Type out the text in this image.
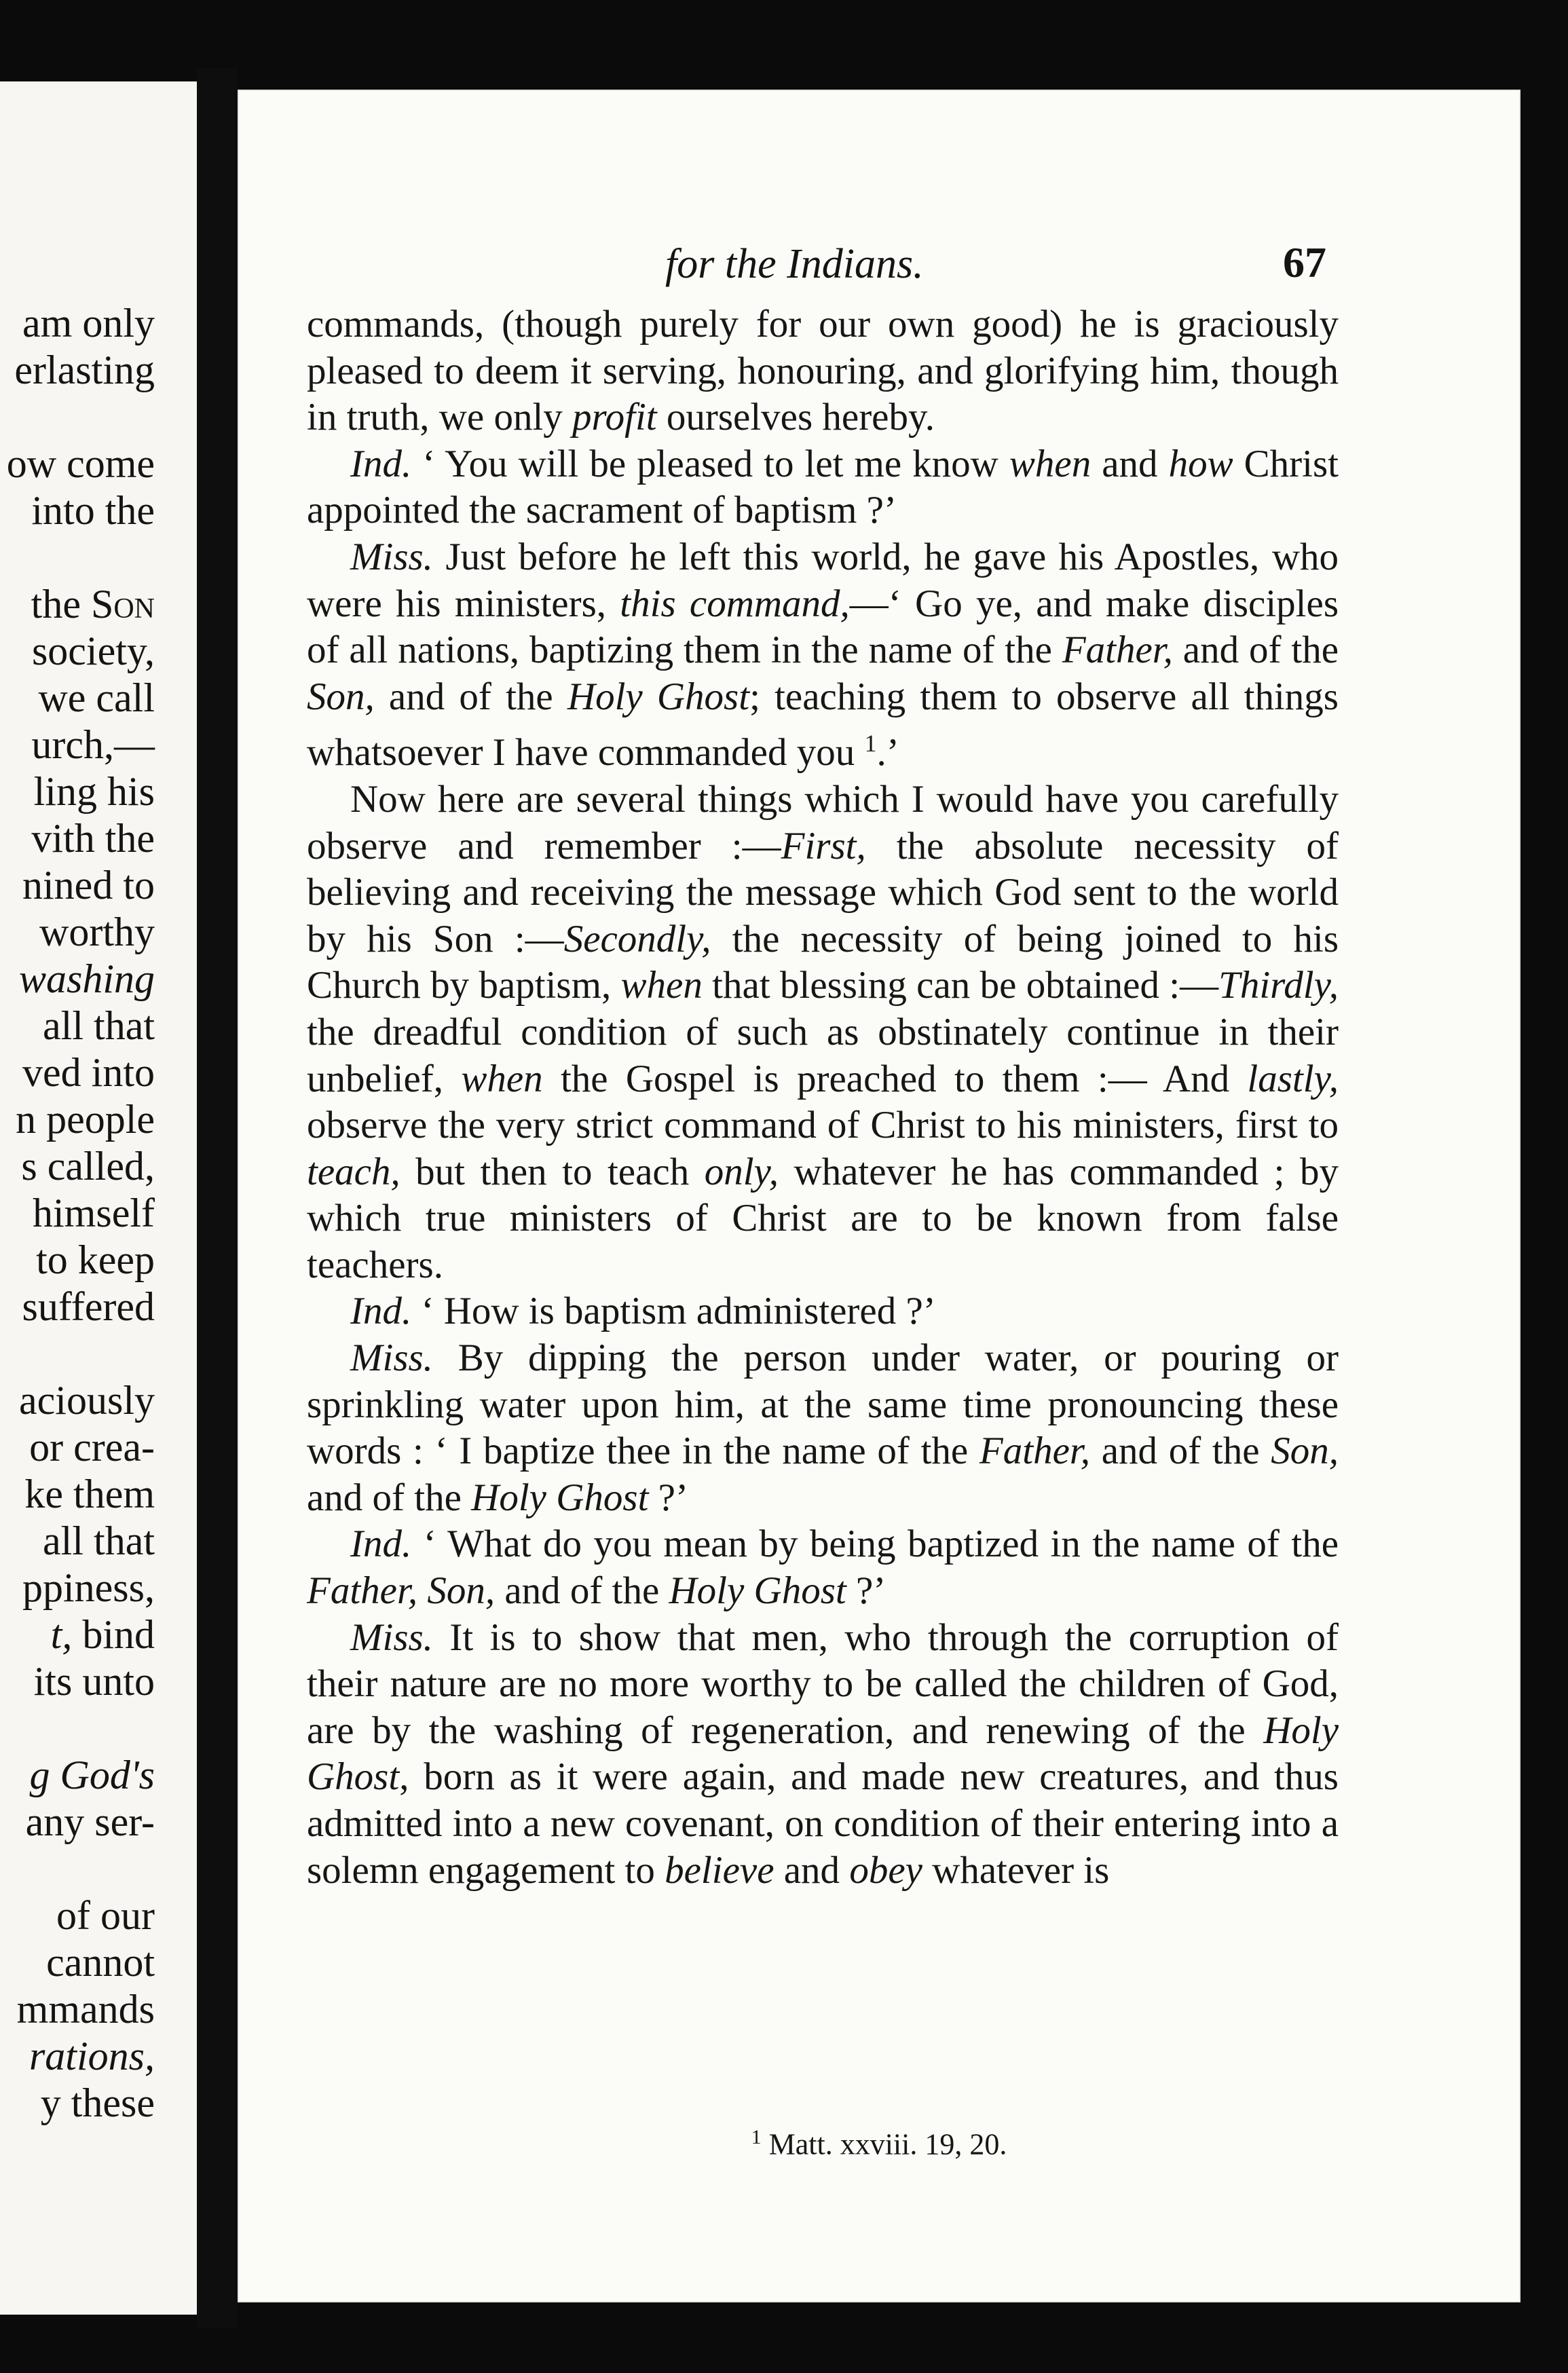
am only
erlasting
ow come
into the
the Son
society,
we call
urch,—
ling his
vith the
nined to
worthy
washing
all that
ved into
n people
s called,
himself
to keep
suffered
aciously
or crea-
ke them
all that
ppiness,
t, bind
its unto
g God's
any ser-
of our
cannot
mmands
rations,
y these
for the Indians.	67

commands, (though purely for our own good) he is graciously pleased to deem it serving, honouring, and glorifying him, though in truth, we only profit ourselves hereby.

Ind. ‘ You will be pleased to let me know when and how Christ appointed the sacrament of baptism ?’

Miss. Just before he left this world, he gave his Apostles, who were his ministers, this command,—‘ Go ye, and make disciples of all nations, baptizing them in the name of the Father, and of the Son, and of the Holy Ghost; teaching them to observe all things whatsoever I have commanded you $^1$.’

Now here are several things which I would have you carefully observe and remember :—First, the absolute necessity of believing and receiving the message which God sent to the world by his Son :—Secondly, the necessity of being joined to his Church by baptism, when that blessing can be obtained :—Thirdly, the dreadful condition of such as obstinately continue in their unbelief, when the Gospel is preached to them :— And lastly, observe the very strict command of Christ to his ministers, first to teach, but then to teach only, whatever he has commanded ; by which true ministers of Christ are to be known from false teachers.

Ind. ‘ How is baptism administered ?’

Miss. By dipping the person under water, or pouring or sprinkling water upon him, at the same time pronouncing these words : ‘ I baptize thee in the name of the Father, and of the Son, and of the Holy Ghost ?’

Ind. ‘ What do you mean by being baptized in the name of the Father, Son, and of the Holy Ghost ?’

Miss. It is to show that men, who through the corruption of their nature are no more worthy to be called the children of God, are by the washing of regeneration, and renewing of the Holy Ghost, born as it were again, and made new creatures, and thus admitted into a new covenant, on condition of their entering into a solemn engagement to believe and obey whatever is

$^1$ Matt. xxviii. 19, 20.
